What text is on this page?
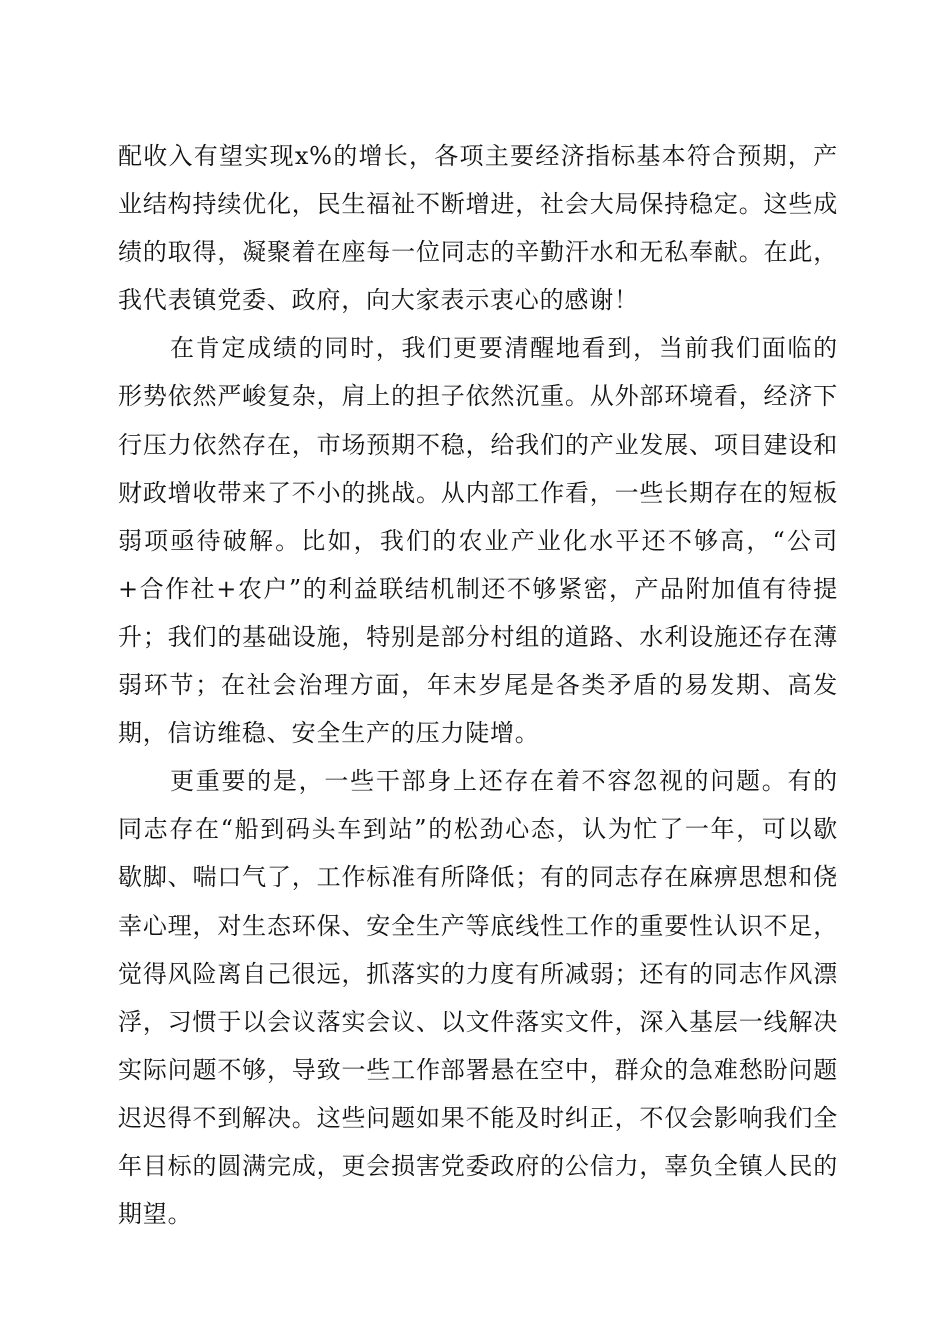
配收入有望实现x%的增长，各项主要经济指标基本符合预期，产业结构持续优化，民生福祉不断增进，社会大局保持稳定。这些成绩的取得，凝聚着在座每一位同志的辛勤汗水和无私奉献。在此，我代表镇党委、政府，向大家表示衷心的感谢！

在肯定成绩的同时，我们更要清醒地看到，当前我们面临的形势依然严峻复杂，肩上的担子依然沉重。从外部环境看，经济下行压力依然存在，市场预期不稳，给我们的产业发展、项目建设和财政增收带来了不小的挑战。从内部工作看，一些长期存在的短板弱项亟待破解。比如，我们的农业产业化水平还不够高，“公司+合作社+农户”的利益联结机制还不够紧密，产品附加值有待提升；我们的基础设施，特别是部分村组的道路、水利设施还存在薄弱环节；在社会治理方面，年末岁尾是各类矛盾的易发期、高发期，信访维稳、安全生产的压力陡增。

更重要的是，一些干部身上还存在着不容忽视的问题。有的同志存在“船到码头车到站”的松劲心态，认为忙了一年，可以歇歇脚、喘口气了，工作标准有所降低；有的同志存在麻痹思想和侥幸心理，对生态环保、安全生产等底线性工作的重要性认识不足，觉得风险离自己很远，抓落实的力度有所减弱；还有的同志作风漂浮，习惯于以会议落实会议、以文件落实文件，深入基层一线解决实际问题不够，导致一些工作部署悬在空中，群众的急难愁盼问题迟迟得不到解决。这些问题如果不能及时纠正，不仅会影响我们全年目标的圆满完成，更会损害党委政府的公信力，辜负全镇人民的期望。
